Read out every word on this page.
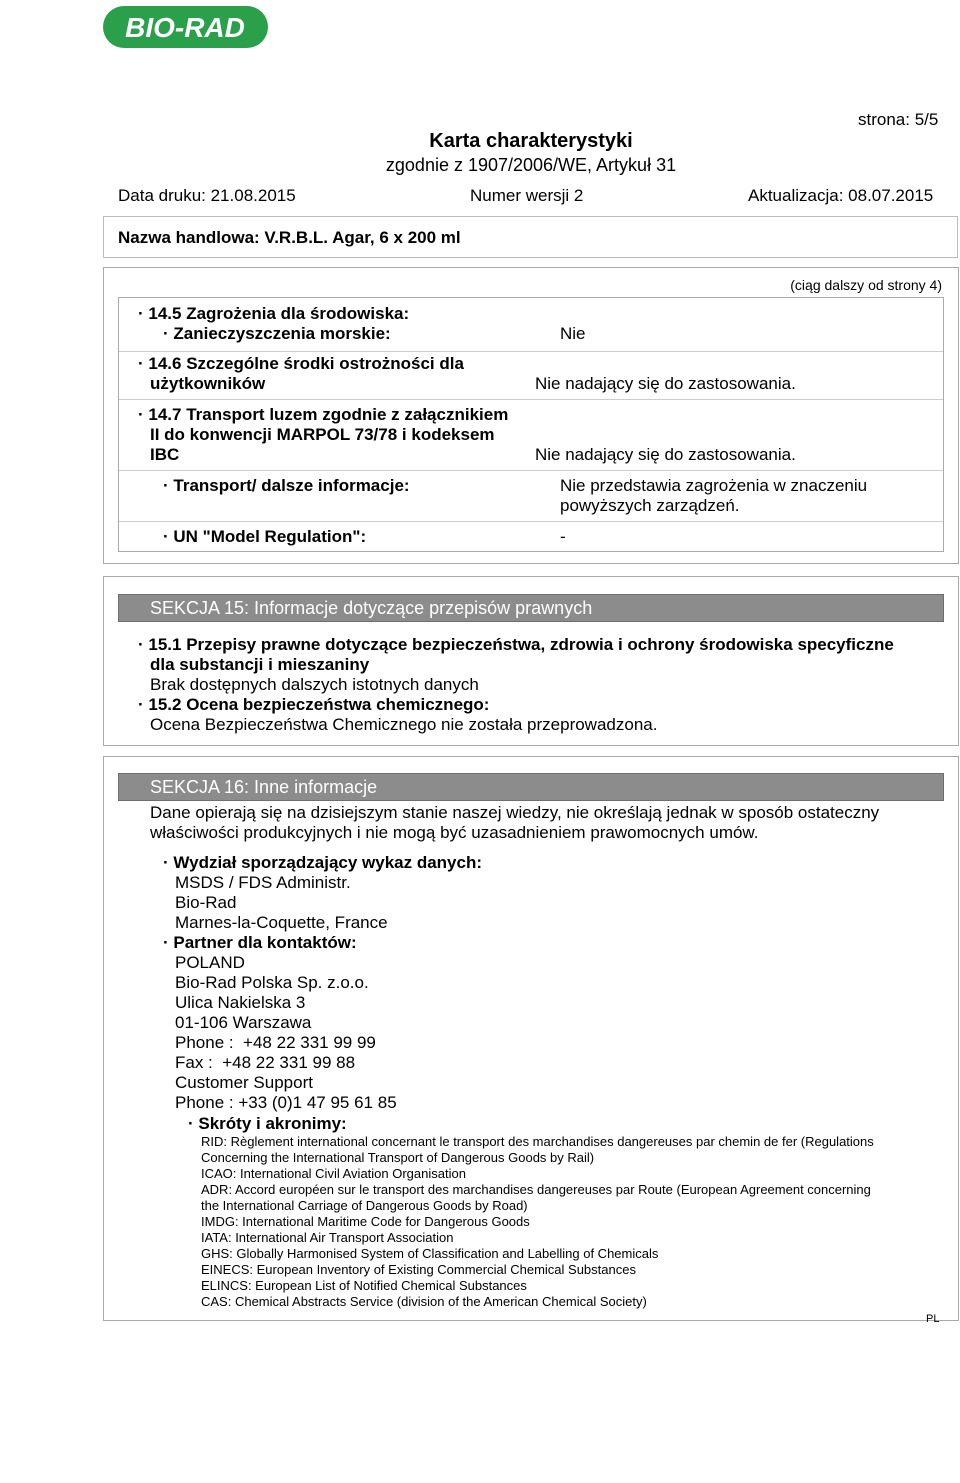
BIO-RAD
strona: 5/5
Karta charakterystyki
zgodnie z 1907/2006/WE, Artykuł 31
Data druku: 21.08.2015	Numer wersji 2	Aktualizacja: 08.07.2015
Nazwa handlowa: V.R.B.L. Agar, 6 x 200 ml
(ciąg dalszy od strony 4)
· 14.5 Zagrożenia dla środowiska:
· Zanieczyszczenia morskie:	Nie
· 14.6 Szczególne środki ostrożności dla
użytkowników	Nie nadający się do zastosowania.
· 14.7 Transport luzem zgodnie z załącznikiem
II do konwencji MARPOL 73/78 i kodeksem
IBC	Nie nadający się do zastosowania.
· Transport/ dalsze informacje:	Nie przedstawia zagrożenia w znaczeniu
powyższych zarządzeń.
· UN "Model Regulation":	-
SEKCJA 15: Informacje dotyczące przepisów prawnych
· 15.1 Przepisy prawne dotyczące bezpieczeństwa, zdrowia i ochrony środowiska specyficzne
dla substancji i mieszaniny
Brak dostępnych dalszych istotnych danych
· 15.2 Ocena bezpieczeństwa chemicznego:
Ocena Bezpieczeństwa Chemicznego nie została przeprowadzona.
SEKCJA 16: Inne informacje
Dane opierają się na dzisiejszym stanie naszej wiedzy, nie określają jednak w sposób ostateczny
właściwości produkcyjnych i nie mogą być uzasadnieniem prawomocnych umów.
· Wydział sporządzający wykaz danych:
MSDS / FDS Administr.
Bio-Rad
Marnes-la-Coquette, France
· Partner dla kontaktów:
POLAND
Bio-Rad Polska Sp. z.o.o.
Ulica Nakielska 3
01-106 Warszawa
Phone :  +48 22 331 99 99
Fax :  +48 22 331 99 88
Customer Support
Phone : +33 (0)1 47 95 61 85
· Skróty i akronimy:
RID: Règlement international concernant le transport des marchandises dangereuses par chemin de fer (Regulations
Concerning the International Transport of Dangerous Goods by Rail)
ICAO: International Civil Aviation Organisation
ADR: Accord européen sur le transport des marchandises dangereuses par Route (European Agreement concerning
the International Carriage of Dangerous Goods by Road)
IMDG: International Maritime Code for Dangerous Goods
IATA: International Air Transport Association
GHS: Globally Harmonised System of Classification and Labelling of Chemicals
EINECS: European Inventory of Existing Commercial Chemical Substances
ELINCS: European List of Notified Chemical Substances
CAS: Chemical Abstracts Service (division of the American Chemical Society)
PL
